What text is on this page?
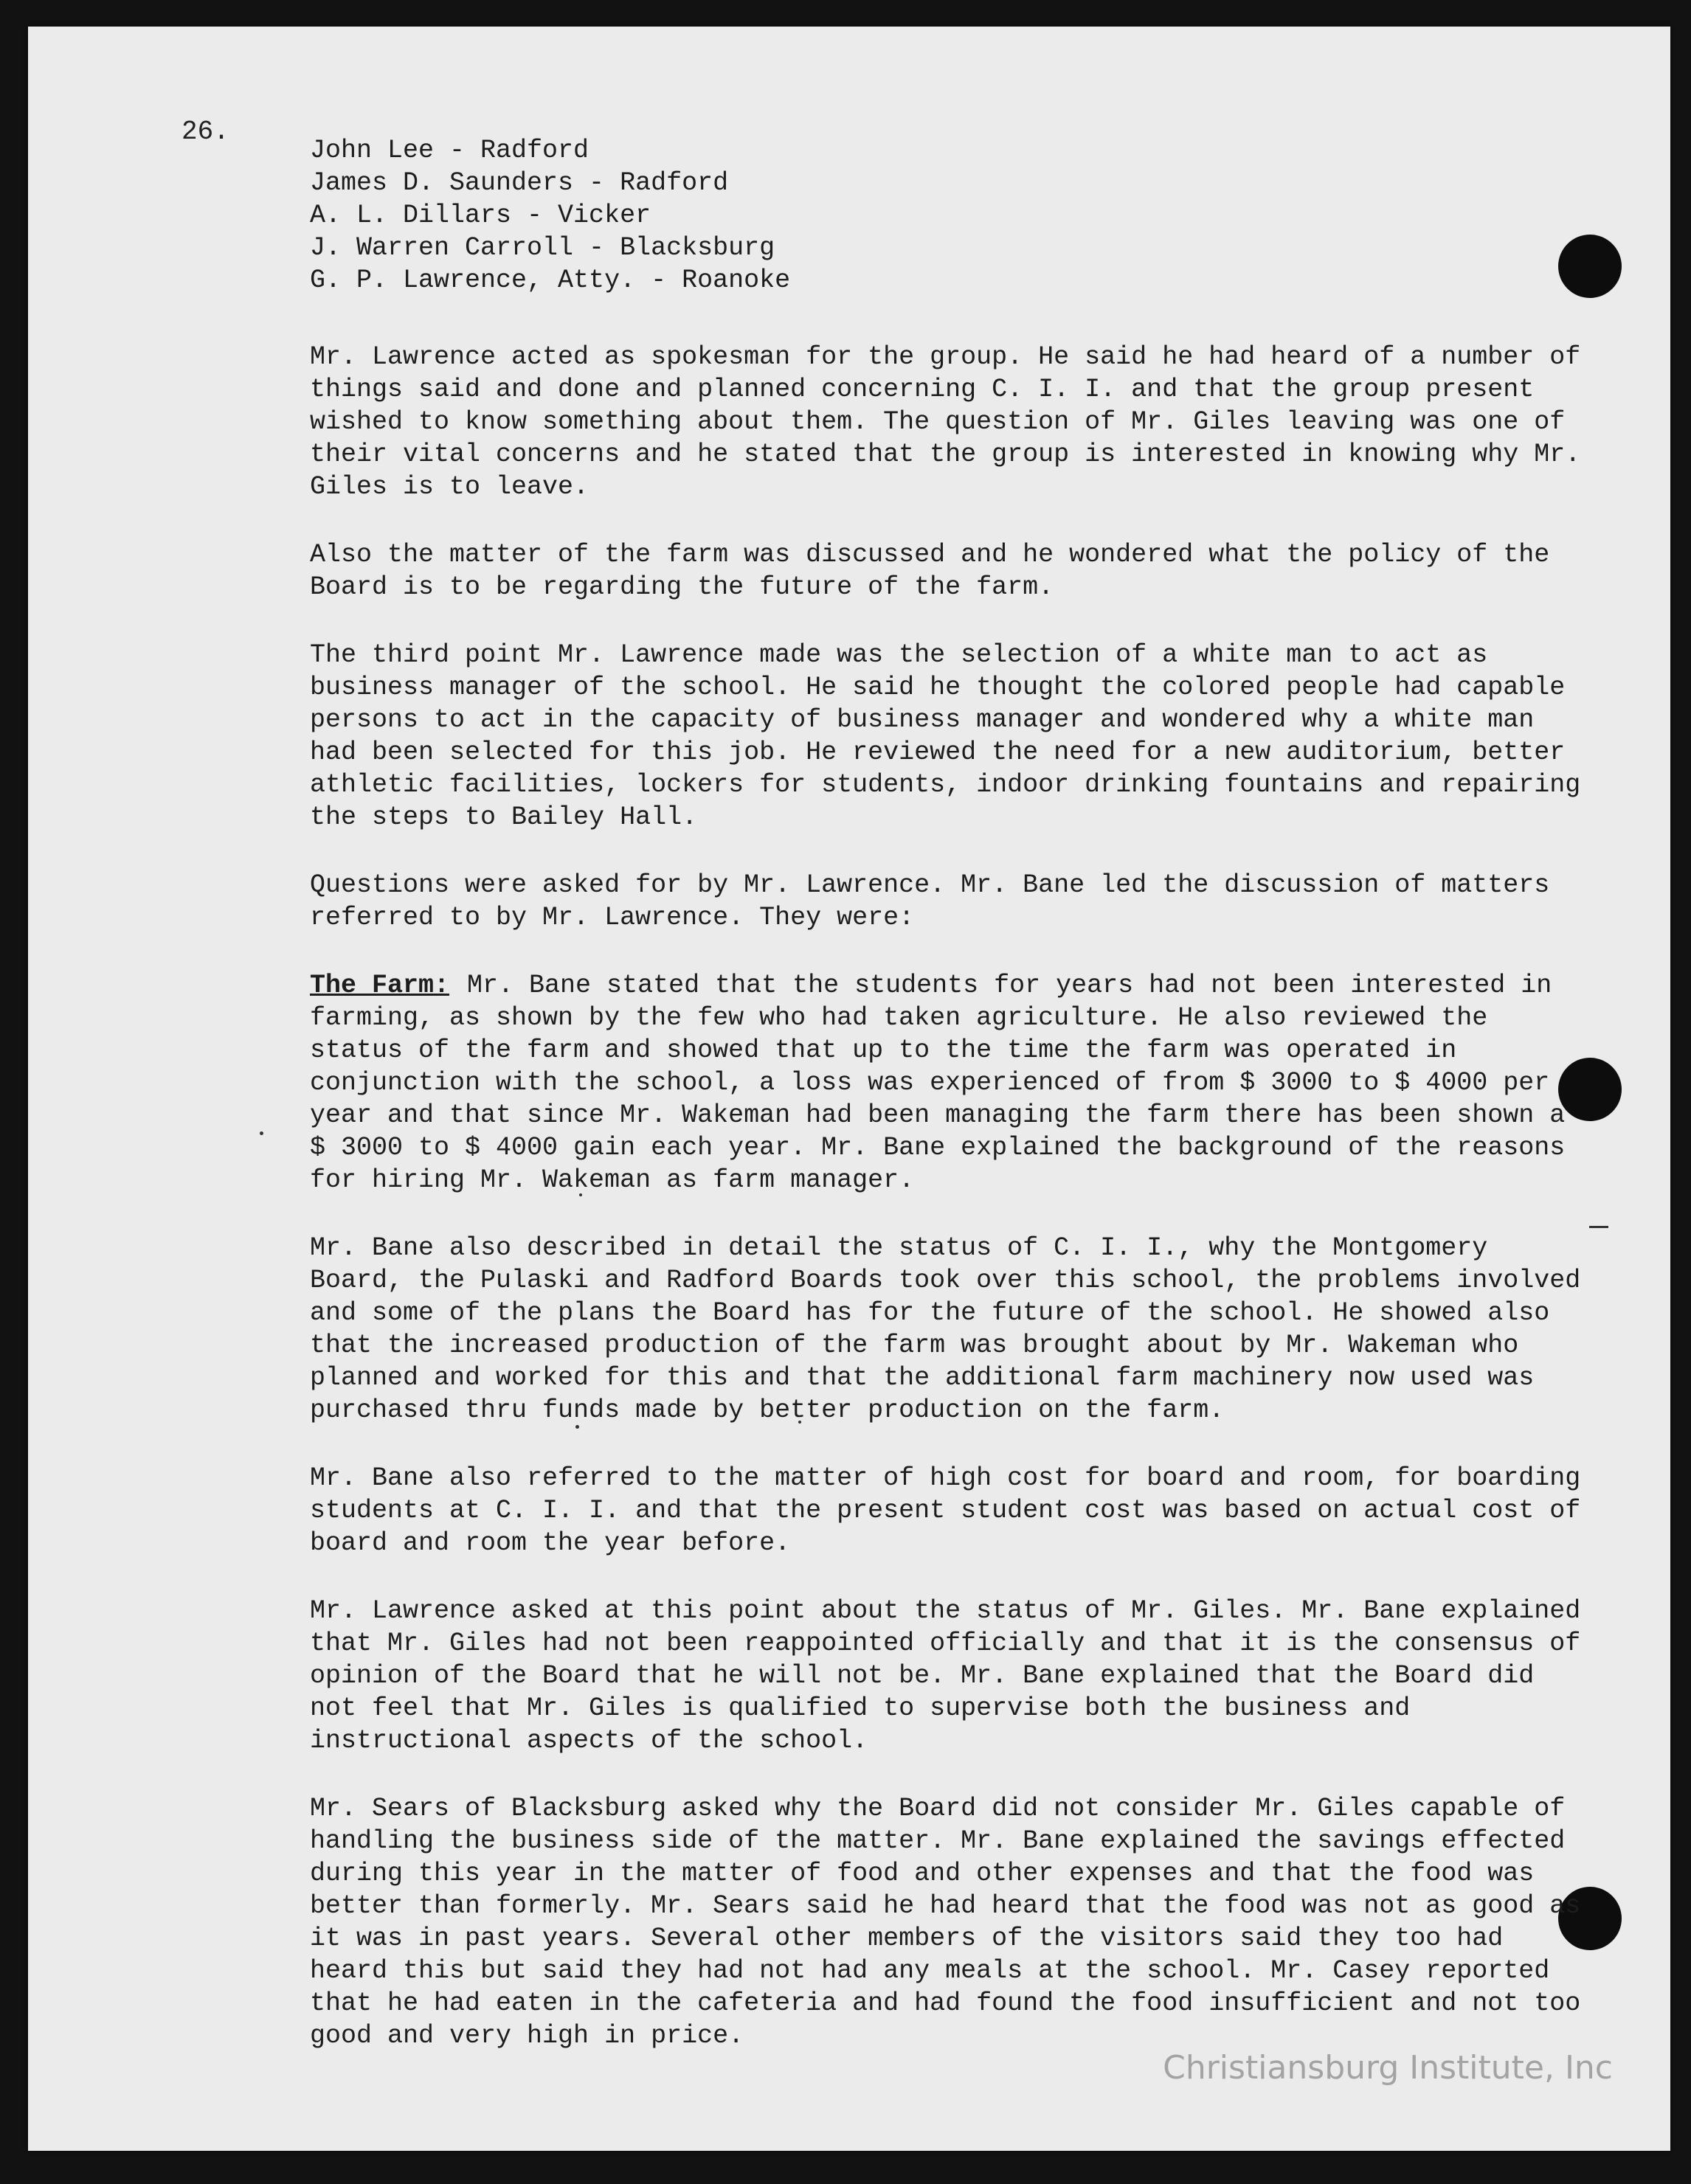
26.
John Lee - Radford
James D. Saunders - Radford
A. L. Dillars - Vicker
J. Warren Carroll - Blacksburg
G. P. Lawrence, Atty. - Roanoke

Mr. Lawrence acted as spokesman for the group. He said he had heard of a number of things said and done and planned concerning C. I. I. and that the group present wished to know something about them. The question of Mr. Giles leaving was one of their vital concerns and he stated that the group is interested in knowing why Mr. Giles is to leave.

Also the matter of the farm was discussed and he wondered what the policy of the Board is to be regarding the future of the farm.

The third point Mr. Lawrence made was the selection of a white man to act as business manager of the school. He said he thought the colored people had capable persons to act in the capacity of business manager and wondered why a white man had been selected for this job. He reviewed the need for a new auditorium, better athletic facilities, lockers for students, indoor drinking fountains and repairing the steps to Bailey Hall.

Questions were asked for by Mr. Lawrence. Mr. Bane led the discussion of matters referred to by Mr. Lawrence. They were:

The Farm: Mr. Bane stated that the students for years had not been interested in farming, as shown by the few who had taken agriculture. He also reviewed the status of the farm and showed that up to the time the farm was operated in conjunction with the school, a loss was experienced of from $ 3000 to $ 4000 per year and that since Mr. Wakeman had been managing the farm there has been shown a $ 3000 to $ 4000 gain each year. Mr. Bane explained the background of the reasons for hiring Mr. Wakeman as farm manager.

Mr. Bane also described in detail the status of C. I. I., why the Montgomery Board, the Pulaski and Radford Boards took over this school, the problems involved and some of the plans the Board has for the future of the school. He showed also that the increased production of the farm was brought about by Mr. Wakeman who planned and worked for this and that the additional farm machinery now used was purchased thru funds made by better production on the farm.

Mr. Bane also referred to the matter of high cost for board and room, for boarding students at C. I. I. and that the present student cost was based on actual cost of board and room the year before.

Mr. Lawrence asked at this point about the status of Mr. Giles. Mr. Bane explained that Mr. Giles had not been reappointed officially and that it is the consensus of opinion of the Board that he will not be. Mr. Bane explained that the Board did not feel that Mr. Giles is qualified to supervise both the business and instructional aspects of the school.

Mr. Sears of Blacksburg asked why the Board did not consider Mr. Giles capable of handling the business side of the matter. Mr. Bane explained the savings effected during this year in the matter of food and other expenses and that the food was better than formerly. Mr. Sears said he had heard that the food was not as good as it was in past years. Several other members of the visitors said they too had heard this but said they had not had any meals at the school. Mr. Casey reported that he had eaten in the cafeteria and had found the food insufficient and not too good and very high in price.

Christiansburg Institute, Inc
